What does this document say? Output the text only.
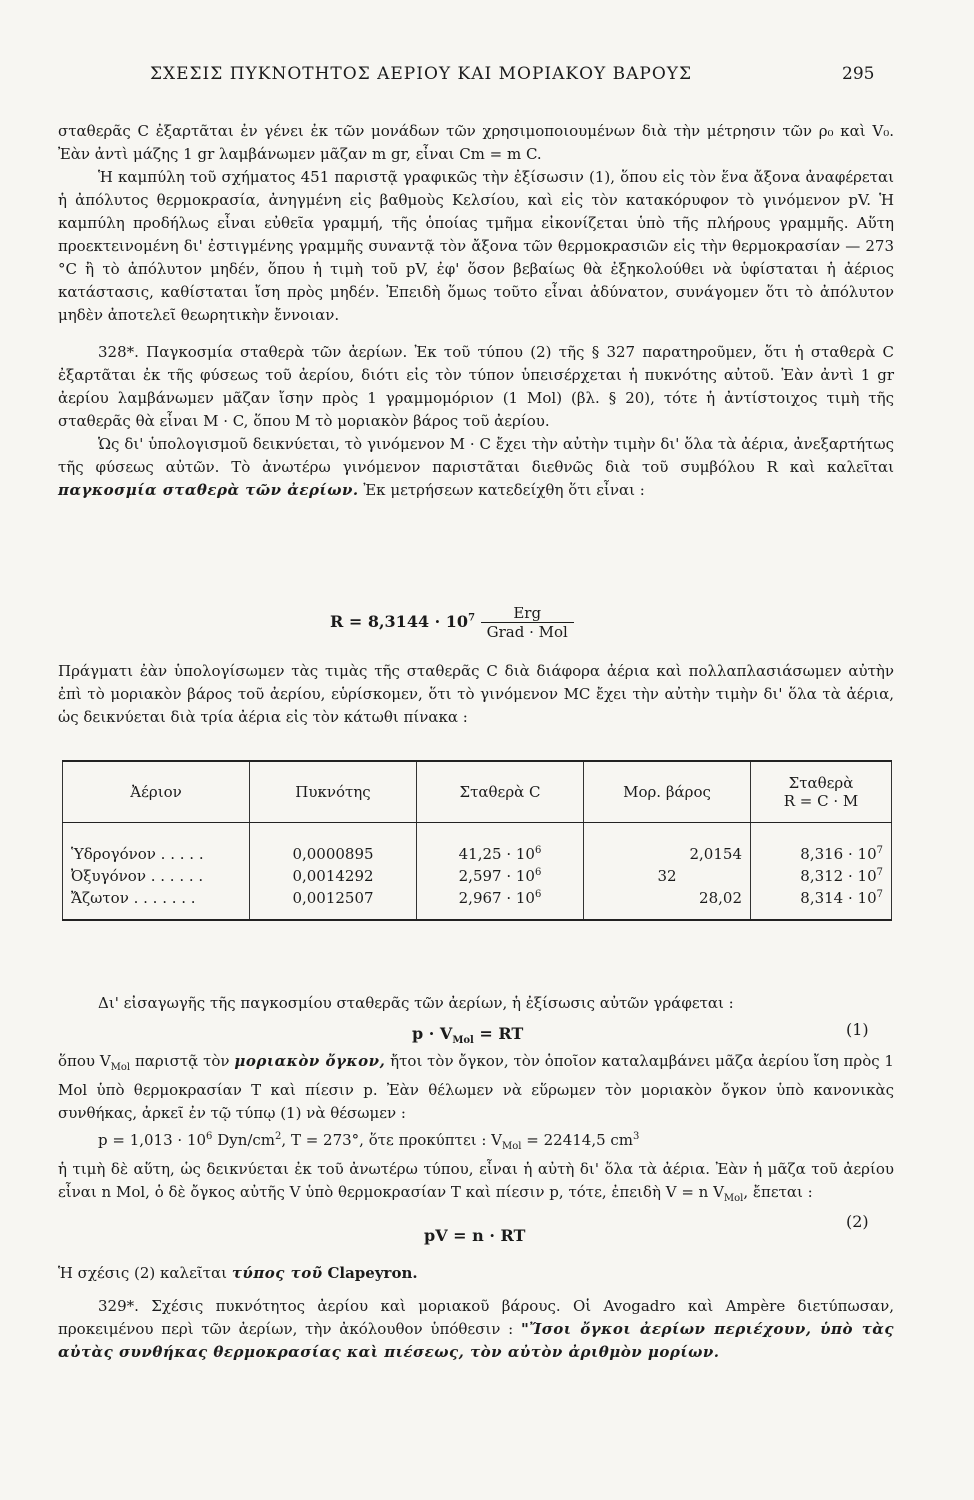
ΣΧΕΣΙΣ ΠΥΚΝΟΤΗΤΟΣ ΑΕΡΙΟΥ ΚΑΙ ΜΟΡΙΑΚΟΥ ΒΑΡΟΥΣ	295

σταθερᾶς C ἐξαρτᾶται ἐν γένει ἐκ τῶν μονάδων τῶν χρησιμοποιουμένων διὰ τὴν μέτρησιν τῶν ρ₀ καὶ V₀. Ἐὰν ἀντὶ μάζης 1 gr λαμβάνωμεν μᾶζαν m gr, εἶναι Cm = m C.

Ἡ καμπύλη τοῦ σχήματος 451 παριστᾷ γραφικῶς τὴν ἐξίσωσιν (1), ὅπου εἰς τὸν ἕνα ἄξονα ἀναφέρεται ἡ ἀπόλυτος θερμοκρασία, ἀνηγμένη εἰς βαθμοὺς Κελσίου, καὶ εἰς τὸν κατακόρυφον τὸ γινόμενον pV. Ἡ καμπύλη προδήλως εἶναι εὐθεῖα γραμμή, τῆς ὁποίας τμῆμα εἰκονίζεται ὑπὸ τῆς πλήρους γραμμῆς. Αὕτη προεκτεινομένη δι' ἐστιγμένης γραμμῆς συναντᾷ τὸν ἄξονα τῶν θερμοκρασιῶν εἰς τὴν θερμοκρασίαν — 273 °C ἢ τὸ ἀπόλυτον μηδέν, ὅπου ἡ τιμὴ τοῦ pV, ἐφ' ὅσον βεβαίως θὰ ἐξηκολούθει νὰ ὑφίσταται ἡ ἀέριος κατάστασις, καθίσταται ἴση πρὸς μηδέν. Ἐπειδὴ ὅμως τοῦτο εἶναι ἀδύνατον, συνάγομεν ὅτι τὸ ἀπόλυτον μηδὲν ἀποτελεῖ θεωρητικὴν ἔννοιαν.

328*. Παγκοσμία σταθερὰ τῶν ἀερίων. Ἐκ τοῦ τύπου (2) τῆς § 327 παρατηροῦμεν, ὅτι ἡ σταθερὰ C ἐξαρτᾶται ἐκ τῆς φύσεως τοῦ ἀερίου, διότι εἰς τὸν τύπον ὑπεισέρχεται ἡ πυκνότης αὐτοῦ. Ἐὰν ἀντὶ 1 gr ἀερίου λαμβάνωμεν μᾶζαν ἴσην πρὸς 1 γραμμομόριον (1 Mol) (βλ. § 20), τότε ἡ ἀντίστοιχος τιμὴ τῆς σταθερᾶς θὰ εἶναι M · C, ὅπου M τὸ μοριακὸν βάρος τοῦ ἀερίου.

Ὡς δι' ὑπολογισμοῦ δεικνύεται, τὸ γινόμενον M · C ἔχει τὴν αὐτὴν τιμὴν δι' ὅλα τὰ ἀέρια, ἀνεξαρτήτως τῆς φύσεως αὐτῶν. Τὸ ἀνωτέρω γινόμενον παριστᾶται διεθνῶς διὰ τοῦ συμβόλου R καὶ καλεῖται παγκοσμία σταθερὰ τῶν ἀερίων. Ἐκ μετρήσεων κατεδείχθη ὅτι εἶναι :

$R = 8,3144 \cdot 10^7 \frac{\text{Erg}}{\text{Grad · Mol}}$

Πράγματι ἐὰν ὑπολογίσωμεν τὰς τιμὰς τῆς σταθερᾶς C διὰ διάφορα ἀέρια καὶ πολλαπλασιάσωμεν αὐτὴν ἐπὶ τὸ μοριακὸν βάρος τοῦ ἀερίου, εὑρίσκομεν, ὅτι τὸ γινόμενον MC ἔχει τὴν αὐτὴν τιμὴν δι' ὅλα τὰ ἀέρια, ὡς δεικνύεται διὰ τρία ἀέρια εἰς τὸν κάτωθι πίνακα :

Ἀέριον	Πυκνότης	Σταθερὰ C	Μορ. βάρος	Σταθερὰ
R = C · M
Ὑδρογόνον . . . . .	0,0000895	$41,25 \cdot 10^6$	2,0154	$8,316 \cdot 10^7$
Ὀξυγόνον . . . . . .	0,0014292	$2,597 \cdot 10^6$	32	$8,312 \cdot 10^7$
Ἄζωτον . . . . . . .	0,0012507	$2,967 \cdot 10^6$	28,02	$8,314 \cdot 10^7$

Δι' εἰσαγωγῆς τῆς παγκοσμίου σταθερᾶς τῶν ἀερίων, ἡ ἐξίσωσις αὐτῶν γράφεται :

$p \cdot V_{Mol}$ = RT	(1)

ὅπου $V_{Mol}$ παριστᾷ τὸν μοριακὸν ὄγκον, ἤτοι τὸν ὄγκον, τὸν ὁποῖον καταλαμβάνει μᾶζα ἀερίου ἴση πρὸς 1 Mol ὑπὸ θερμοκρασίαν T καὶ πίεσιν p. Ἐὰν θέλωμεν νὰ εὕρωμεν τὸν μοριακὸν ὄγκον ὑπὸ κανονικὰς συνθήκας, ἀρκεῖ ἐν τῷ τύπῳ (1) νὰ θέσωμεν :

$p = 1,013 \cdot 10^6$ Dyn/$cm^2$, T = 273°, ὅτε προκύπτει : $V_{Mol} = 22414,5$ $cm^3$

ἡ τιμὴ δὲ αὕτη, ὡς δεικνύεται ἐκ τοῦ ἀνωτέρω τύπου, εἶναι ἡ αὐτὴ δι' ὅλα τὰ ἀέρια. Ἐὰν ἡ μᾶζα τοῦ ἀερίου εἶναι n Mol, ὁ δὲ ὄγκος αὐτῆς V ὑπὸ θερμοκρασίαν T καὶ πίεσιν p, τότε, ἐπειδὴ V = n $V_{Mol}$, ἔπεται :

pV = n · RT
(2)

Ἡ σχέσις (2) καλεῖται τύπος τοῦ Clapeyron.

329*. Σχέσις πυκνότητος ἀερίου καὶ μοριακοῦ βάρους. Οἱ Avogadro καὶ Ampère διετύπωσαν, προκειμένου περὶ τῶν ἀερίων, τὴν ἀκόλουθον ὑπόθεσιν : "Ἴσοι ὄγκοι ἀερίων περιέχουν, ὑπὸ τὰς αὐτὰς συνθήκας θερμοκρασίας καὶ πιέσεως, τὸν αὐτὸν ἀριθμὸν μορίων.
